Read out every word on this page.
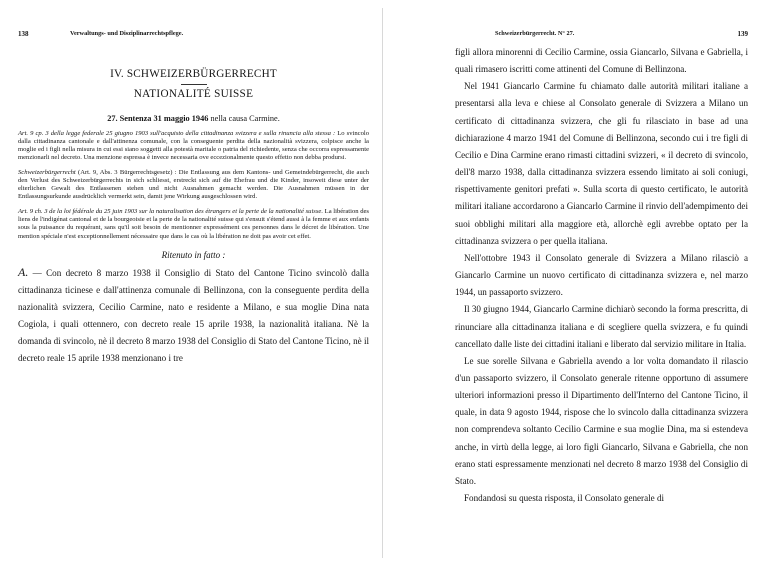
138	Verwaltungs- und Disziplinarrechtspflege.
IV. SCHWEIZERBÜRGERRECHT
NATIONALITÉ SUISSE
27. Sentenza 31 maggio 1946 nella causa Carmine.

Art. 9 cp. 3 della legge federale 25 giugno 1903 sull'acquisto della cittadinanza svizzera e sulla rinuncia alla stessa : Lo svincolo dalla cittadinanza cantonale e dall'attinenza comunale, con la conseguente perdita della nazionalità svizzera, colpisce anche la moglie ed i figli nella misura in cui essi siano soggetti alla potestà maritale o patria del richiedente, senza che occorra espressamente menzionarli nel decreto. Una menzione espressa è invece necessaria ove eccezionalmente questo effetto non debba prodursi.

Schweizerbürgerrecht (Art. 9, Abs. 3 Bürgerrechtsgesetz) : Die Entlassung aus dem Kantons- und Gemeindebürgerrecht, die auch den Verlust des Schweizerbürgerrechts in sich schliesst, erstreckt sich auf die Ehefrau und die Kinder, insoweit diese unter der elterlichen Gewalt des Entlassenen stehen und nicht Ausnahmen gemacht werden. Die Ausnahmen müssen in der Entlassungsurkunde ausdrücklich vermerkt sein, damit jene Wirkung ausgeschlossen wird.

Art. 9 ch. 3 de la loi fédérale du 25 juin 1903 sur la naturalisation des étrangers et la perte de la nationalité suisse. La libération des liens de l'indigénat cantonal et de la bourgeoisie et la perte de la nationalité suisse qui s'ensuit s'étend aussi à la femme et aux enfants sous la puissance du requérant, sans qu'il soit besoin de mentionner expressément ces personnes dans le décret de libération. Une mention spéciale n'est exceptionnellement nécessaire que dans le cas où la libération ne doit pas avoir cet effet.

Ritenuto in fatto :

A. — Con decreto 8 marzo 1938 il Consiglio di Stato del Cantone Ticino svincolò dalla cittadinanza ticinese e dall'attinenza comunale di Bellinzona, con la conseguente perdita della nazionalità svizzera, Cecilio Carmine, nato e residente a Milano, e sua moglie Dina nata Cogiola, i quali ottennero, con decreto reale 15 aprile 1938, la nazionalità italiana. Nè la domanda di svincolo, nè il decreto 8 marzo 1938 del Consiglio di Stato del Cantone Ticino, nè il decreto reale 15 aprile 1938 menzionano i tre

Schweizerbürgerrecht. N° 27.	139

figli allora minorenni di Cecilio Carmine, ossia Giancarlo, Silvana e Gabriella, i quali rimasero iscritti come attinenti del Comune di Bellinzona.

Nel 1941 Giancarlo Carmine fu chiamato dalle autorità militari italiane a presentarsi alla leva e chiese al Consolato generale di Svizzera a Milano un certificato di cittadinanza svizzera, che gli fu rilasciato in base ad una dichiarazione 4 marzo 1941 del Comune di Bellinzona, secondo cui i tre figli di Cecilio e Dina Carmine erano rimasti cittadini svizzeri, « il decreto di svincolo, dell'8 marzo 1938, dalla cittadinanza svizzera essendo limitato ai soli coniugi, rispettivamente genitori prefati ». Sulla scorta di questo certificato, le autorità militari italiane accordarono a Giancarlo Carmine il rinvio dell'adempimento dei suoi obblighi militari alla maggiore età, allorchè egli avrebbe optato per la cittadinanza svizzera o per quella italiana.

Nell'ottobre 1943 il Consolato generale di Svizzera a Milano rilasciò a Giancarlo Carmine un nuovo certificato di cittadinanza svizzera e, nel marzo 1944, un passaporto svizzero.

Il 30 giugno 1944, Giancarlo Carmine dichiarò secondo la forma prescritta, di rinunciare alla cittadinanza italiana e di scegliere quella svizzera, e fu quindi cancellato dalle liste dei cittadini italiani e liberato dal servizio militare in Italia.

Le sue sorelle Silvana e Gabriella avendo a lor volta domandato il rilascio d'un passaporto svizzero, il Consolato generale ritenne opportuno di assumere ulteriori informazioni presso il Dipartimento dell'Interno del Cantone Ticino, il quale, in data 9 agosto 1944, rispose che lo svincolo dalla cittadinanza svizzera non comprendeva soltanto Cecilio Carmine e sua moglie Dina, ma si estendeva anche, in virtù della legge, ai loro figli Giancarlo, Silvana e Gabriella, che non erano stati espressamente menzionati nel decreto 8 marzo 1938 del Consiglio di Stato.

Fondandosi su questa risposta, il Consolato generale di
